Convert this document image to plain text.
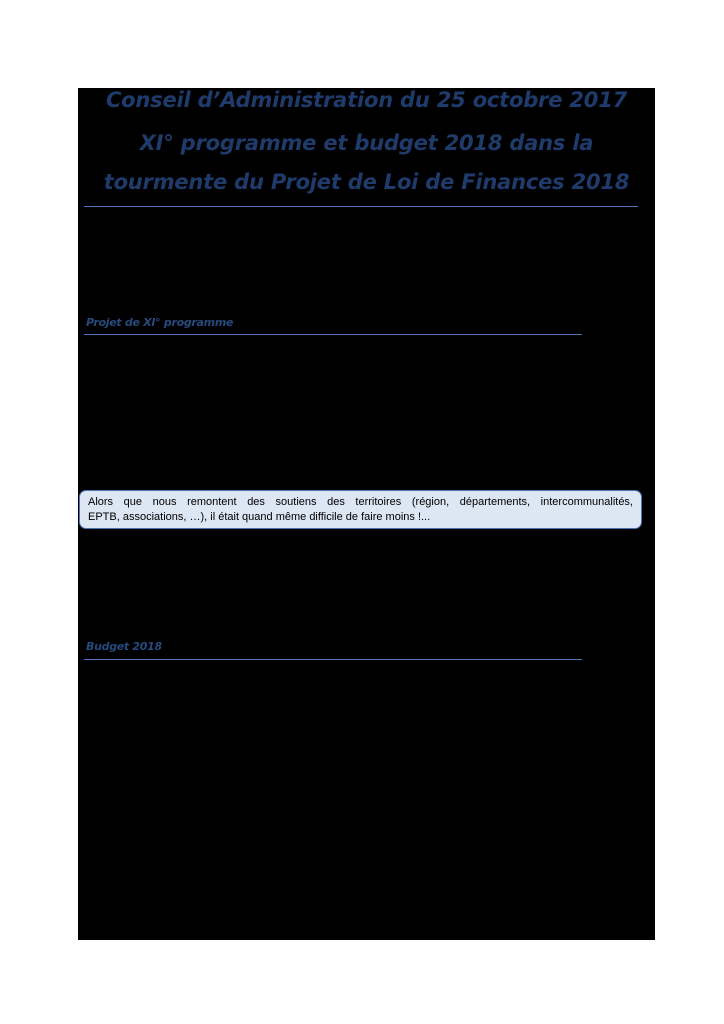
Conseil d’Administration du 25 octobre 2017
XI° programme et budget 2018 dans la
tourmente du Projet de Loi de Finances 2018
Projet de XI° programme
Alors que nous remontent des soutiens des territoires (région, départements, intercommunalités,
EPTB, associations, …), il était quand même difficile de faire moins !...
Budget 2018
